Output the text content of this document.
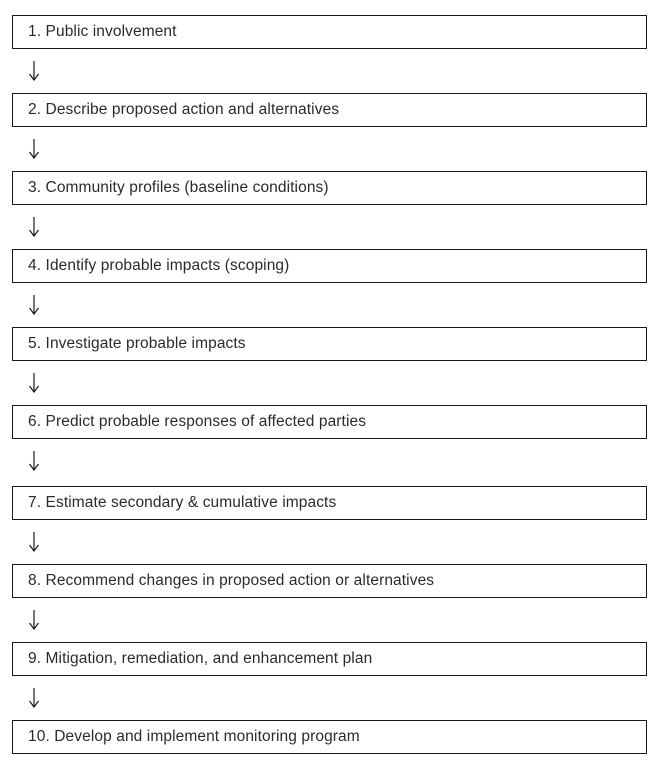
1. Public involvement
2. Describe proposed action and alternatives
3. Community profiles (baseline conditions)
4. Identify probable impacts (scoping)
5. Investigate probable impacts
6. Predict probable responses of affected parties
7. Estimate secondary & cumulative impacts
8. Recommend changes in proposed action or alternatives
9. Mitigation, remediation, and enhancement plan
10. Develop and implement monitoring program
